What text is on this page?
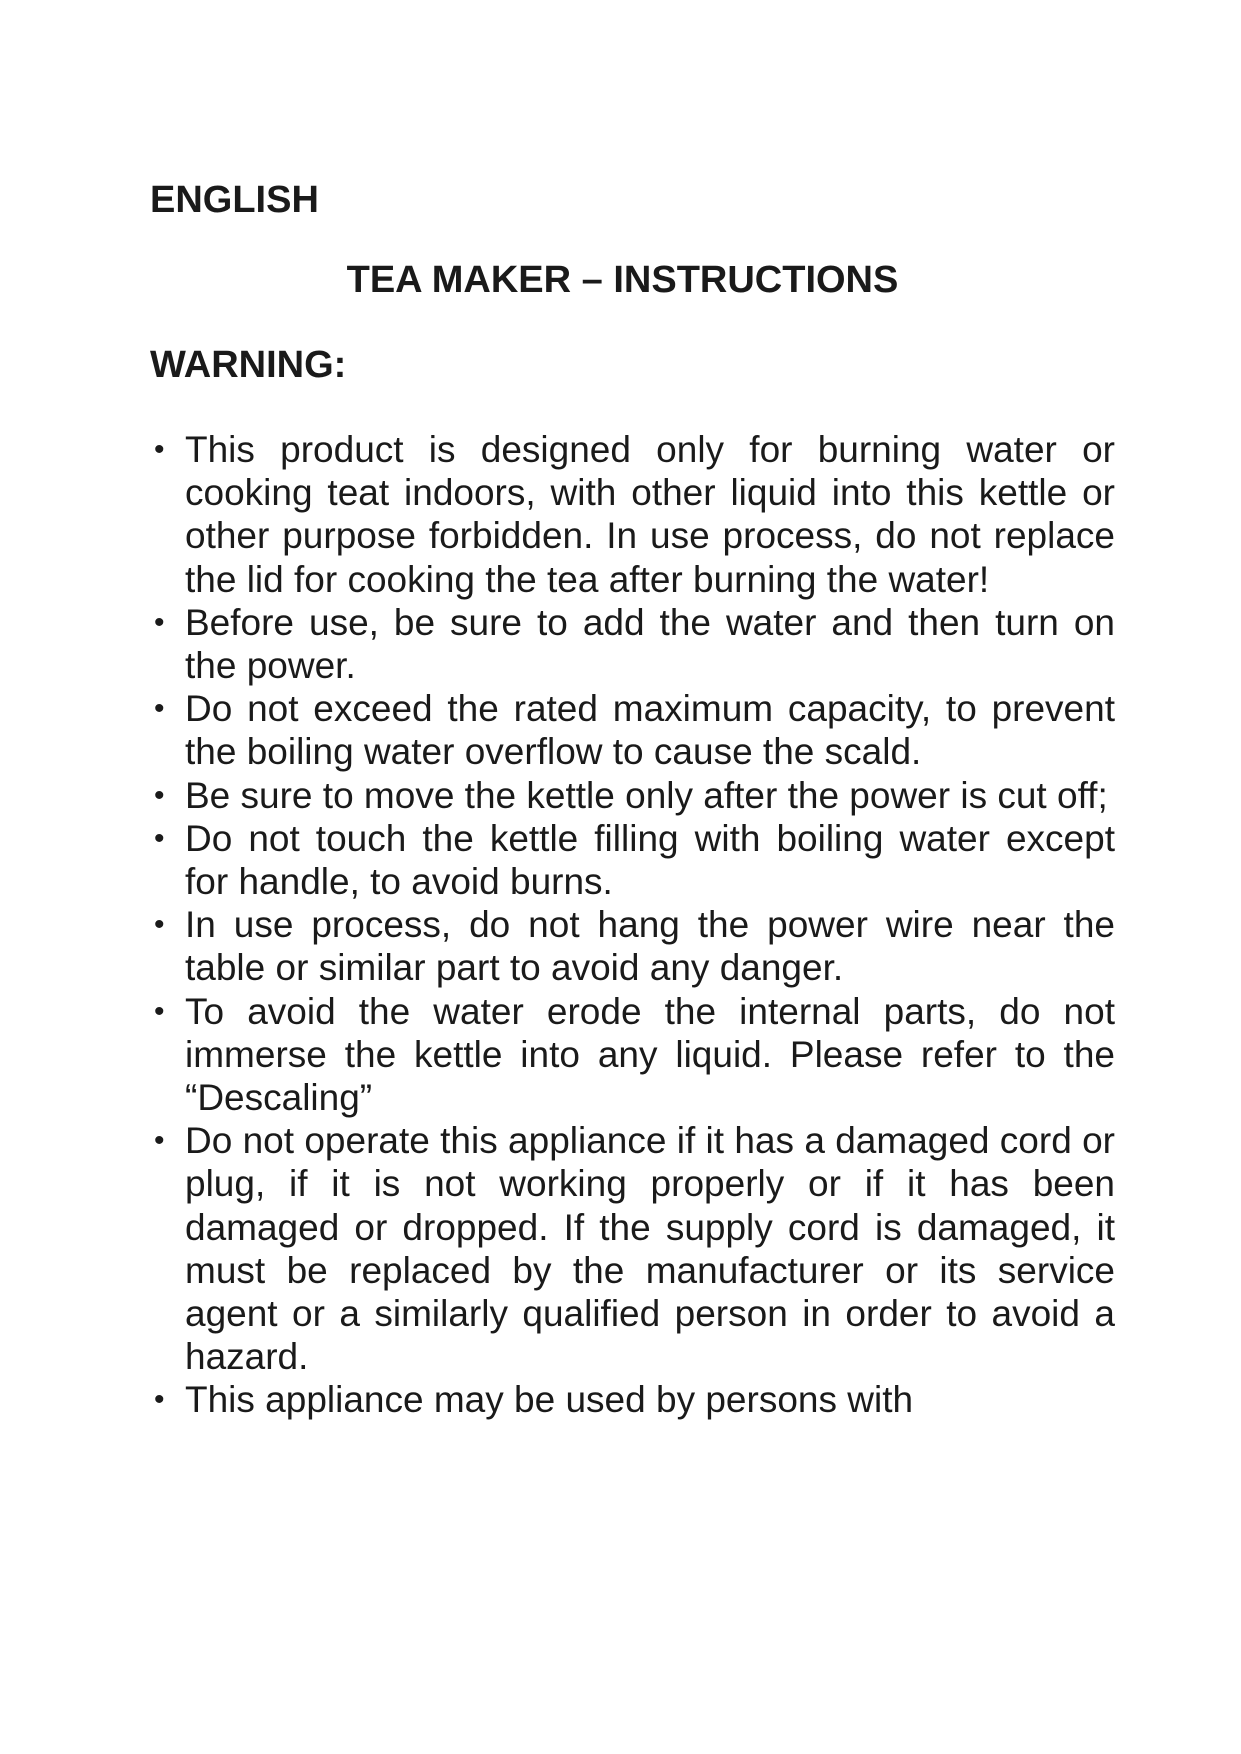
ENGLISH
TEA MAKER – INSTRUCTIONS
WARNING:
• This product is designed only for burning water or cooking teat indoors, with other liquid into this kettle or other purpose forbidden. In use process, do not replace the lid for cooking the tea after burning the water!
• Before use, be sure to add the water and then turn on the power.
• Do not exceed the rated maximum capacity, to prevent the boiling water overflow to cause the scald.
• Be sure to move the kettle only after the power is cut off;
• Do not touch the kettle filling with boiling water except for handle, to avoid burns.
• In use process, do not hang the power wire near the table or similar part to avoid any danger.
• To avoid the water erode the internal parts, do not immerse the kettle into any liquid. Please refer to the “Descaling”
• Do not operate this appliance if it has a damaged cord or plug, if it is not working properly or if it has been damaged or dropped. If the supply cord is damaged, it must be replaced by the manufacturer or its service agent or a similarly qualified person in order to avoid a hazard.
• This appliance may be used by persons with
